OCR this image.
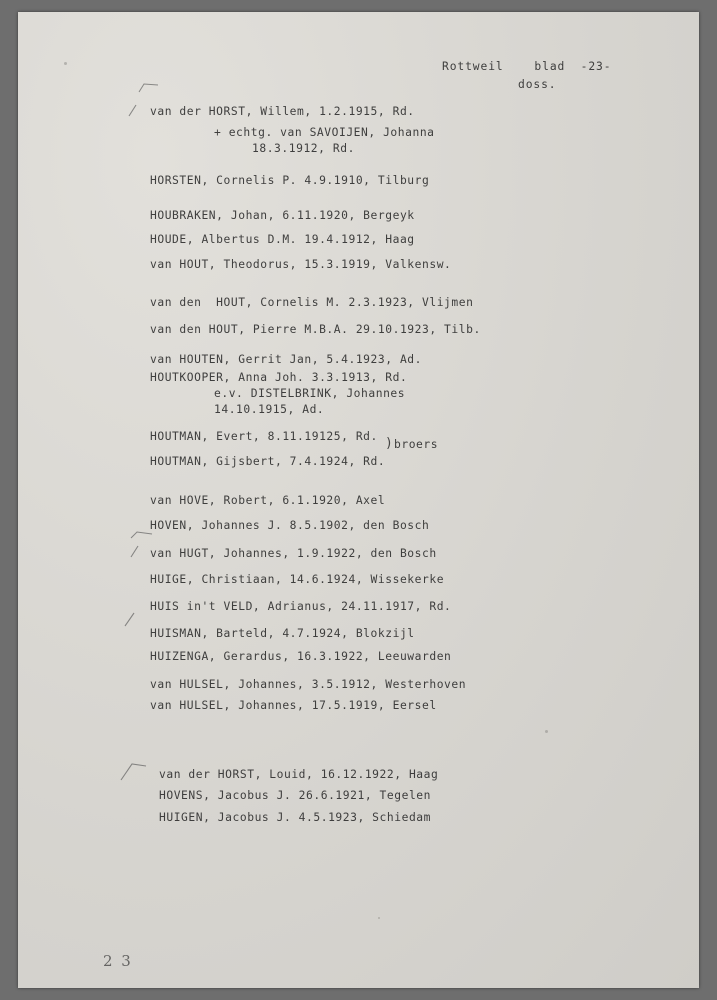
Rottweil    blad  -23-
doss.
van der HORST, Willem, 1.2.1915, Rd.
+ echtg. van SAVOIJEN, Johanna
18.3.1912, Rd.
HORSTEN, Cornelis P. 4.9.1910, Tilburg
HOUBRAKEN, Johan, 6.11.1920, Bergeyk
HOUDE, Albertus D.M. 19.4.1912, Haag
van HOUT, Theodorus, 15.3.1919, Valkensw.
van den  HOUT, Cornelis M. 2.3.1923, Vlijmen
van den HOUT, Pierre M.B.A. 29.10.1923, Tilb.
van HOUTEN, Gerrit Jan, 5.4.1923, Ad.
HOUTKOOPER, Anna Joh. 3.3.1913, Rd.
e.v. DISTELBRINK, Johannes
14.10.1915, Ad.
HOUTMAN, Evert, 8.11.19125, Rd.
HOUTMAN, Gijsbert, 7.4.1924, Rd.
van HOVE, Robert, 6.1.1920, Axel
HOVEN, Johannes J. 8.5.1902, den Bosch
van HUGT, Johannes, 1.9.1922, den Bosch
HUIGE, Christiaan, 14.6.1924, Wissekerke
HUIS in't VELD, Adrianus, 24.11.1917, Rd.
HUISMAN, Barteld, 4.7.1924, Blokzijl
HUIZENGA, Gerardus, 16.3.1922, Leeuwarden
van HULSEL, Johannes, 3.5.1912, Westerhoven
van HULSEL, Johannes, 17.5.1919, Eersel
van der HORST, Louid, 16.12.1922, Haag
HOVENS, Jacobus J. 26.6.1921, Tegelen
HUIGEN, Jacobus J. 4.5.1923, Schiedam
) broers
2 3
